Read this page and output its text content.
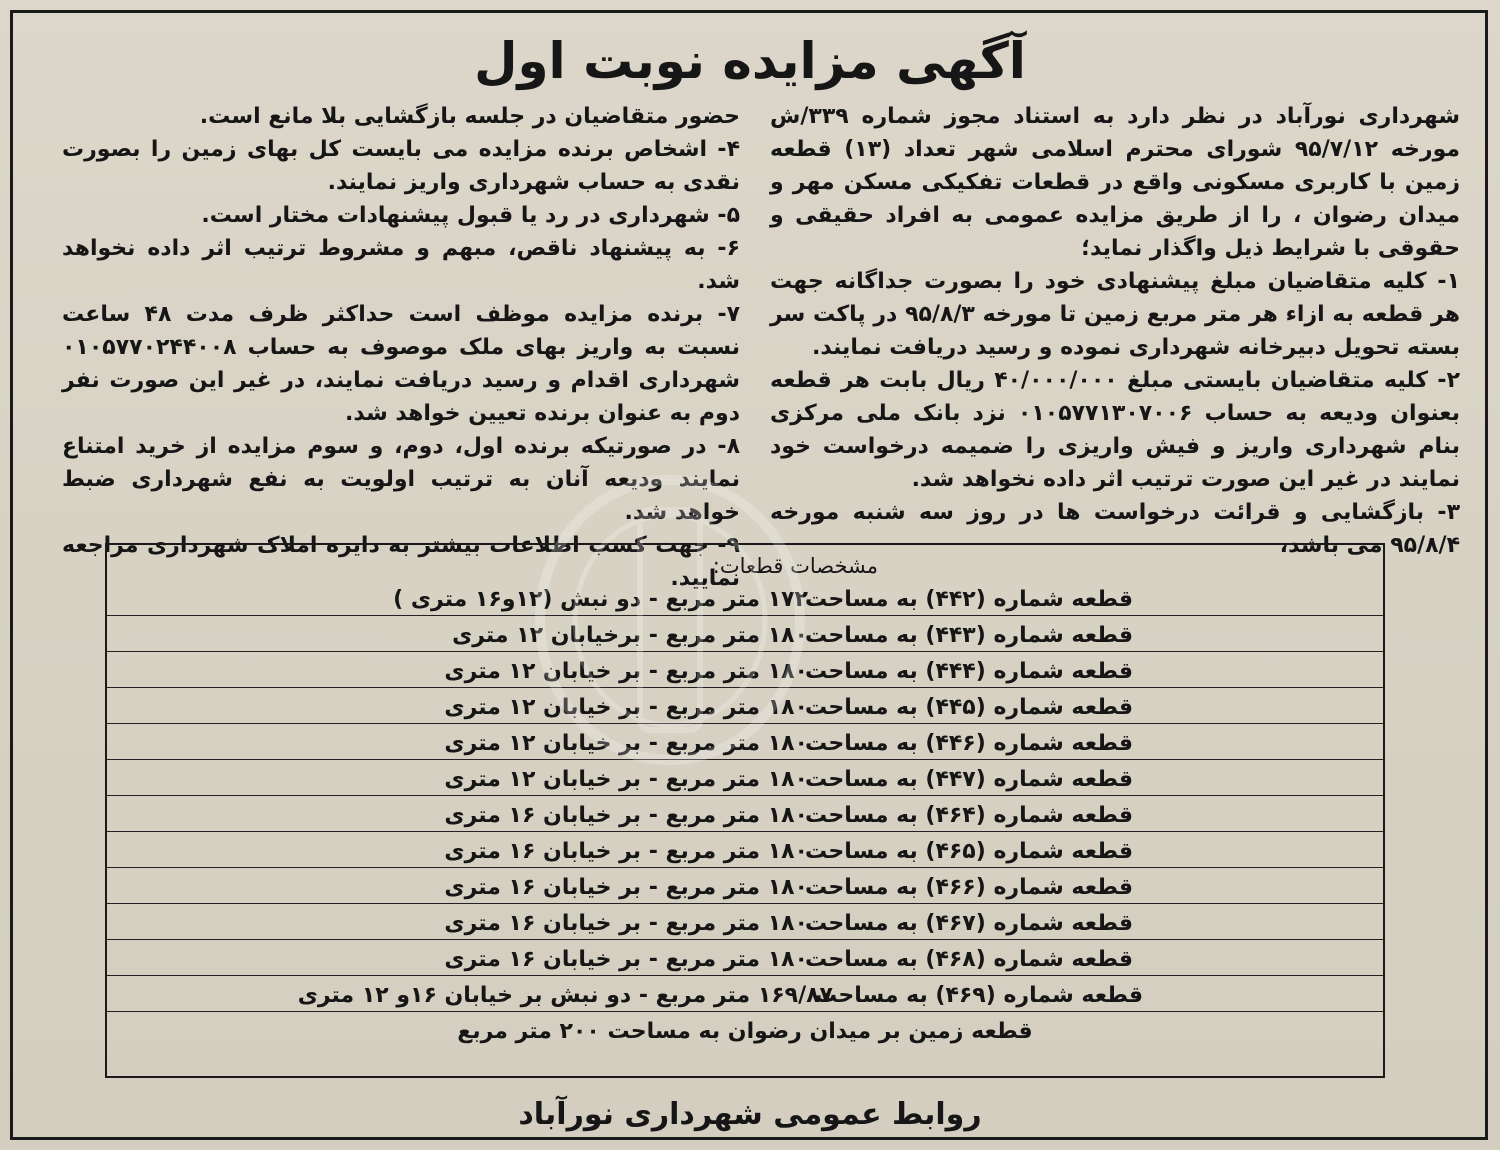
آگهی مزایده نوبت اول

شهرداری نورآباد در نظر دارد به استناد مجوز شماره ۳۳۹/ش مورخه ۹۵/۷/۱۲ شورای محترم اسلامی شهر تعداد (۱۳) قطعه زمین با کاربری مسکونی واقع در قطعات تفکیکی مسکن مهر و میدان رضوان ، را از طریق مزایده عمومی به افراد حقیقی و حقوقی با شرایط ذیل واگذار نماید؛

۱- کلیه متقاضیان مبلغ پیشنهادی خود را بصورت جداگانه جهت هر قطعه به ازاء هر متر مربع زمین تا مورخه ۹۵/۸/۳ در پاکت سر بسته تحویل دبیرخانه شهرداری نموده و رسید دریافت نمایند.

۲- کلیه متقاضیان بایستی مبلغ ۴۰/۰۰۰/۰۰۰ ریال بابت هر قطعه بعنوان ودیعه به حساب ۰۱۰۵۷۷۱۳۰۷۰۰۶ نزد بانک ملی مرکزی بنام شهرداری واریز و فیش واریزی را ضمیمه درخواست خود نمایند در غیر این صورت ترتیب اثر داده نخواهد شد.

۳- بازگشایی و قرائت درخواست ها در روز سه شنبه مورخه ۹۵/۸/۴ می باشد،

حضور متقاضیان در جلسه بازگشایی بلا مانع است.

۴- اشخاص برنده مزایده می بایست کل بهای زمین را بصورت نقدی به حساب شهرداری واریز نمایند.

۵- شهرداری در رد یا قبول پیشنهادات مختار است.

۶- به پیشنهاد ناقص، مبهم و مشروط ترتیب اثر داده نخواهد شد.

۷- برنده مزایده موظف است حداکثر ظرف مدت ۴۸ ساعت نسبت به واریز بهای ملک موصوف به حساب ۰۱۰۵۷۷۰۲۴۴۰۰۸ شهرداری اقدام و رسید دریافت نمایند، در غیر این صورت نفر دوم به عنوان برنده تعیین خواهد شد.

۸- در صورتیکه برنده اول، دوم، و سوم مزایده از خرید امتناع نمایند ودیعه آنان به ترتیب اولویت به نفع شهرداری ضبط خواهد شد.

۹- جهت کسب اطلاعات بیشتر به دایره املاک شهرداری مراجعه نمایید.

مشخصات قطعات:
قطعه شماره (۴۴۲) به مساحت
۱۷۲ متر مربع - دو نبش (۱۲و۱۶ متری )
قطعه شماره (۴۴۳) به مساحت
۱۸۰ متر مربع - برخیابان ۱۲ متری
قطعه شماره (۴۴۴) به مساحت
۱۸۰ متر مربع - بر خیابان ۱۲ متری
قطعه شماره (۴۴۵) به مساحت
۱۸۰ متر مربع - بر خیابان ۱۲ متری
قطعه شماره (۴۴۶) به مساحت
۱۸۰ متر مربع - بر خیابان ۱۲ متری
قطعه شماره (۴۴۷) به مساحت
۱۸۰ متر مربع - بر خیابان ۱۲ متری
قطعه شماره (۴۶۴) به مساحت
۱۸۰ متر مربع - بر خیابان ۱۶ متری
قطعه شماره (۴۶۵) به مساحت
۱۸۰ متر مربع - بر خیابان ۱۶ متری
قطعه شماره (۴۶۶) به مساحت
۱۸۰ متر مربع - بر خیابان ۱۶ متری
قطعه شماره (۴۶۷) به مساحت
۱۸۰ متر مربع - بر خیابان ۱۶ متری
قطعه شماره (۴۶۸) به مساحت
۱۸۰ متر مربع - بر خیابان ۱۶ متری
قطعه شماره (۴۶۹) به مساحت
۱۶۹/۸۷ متر مربع - دو نبش بر خیابان ۱۶و ۱۲ متری
قطعه زمین بر میدان رضوان به مساحت ۲۰۰ متر مربع
روابط عمومی شهرداری نورآباد
